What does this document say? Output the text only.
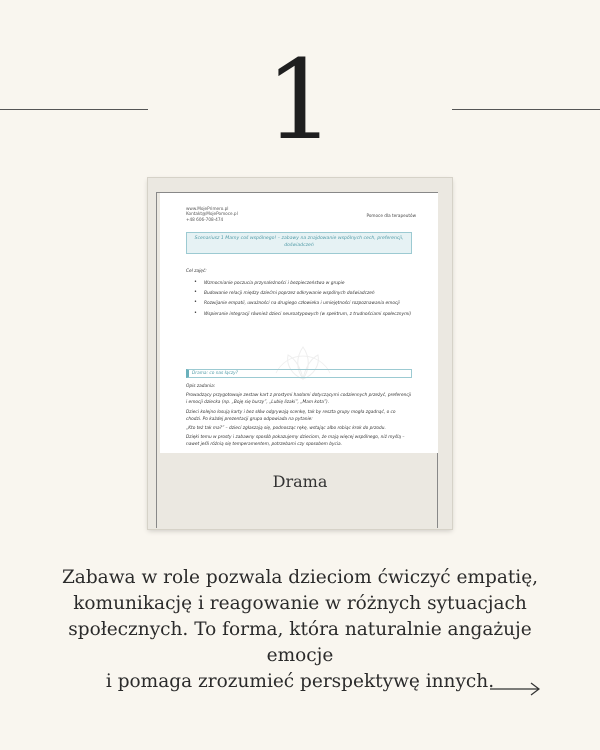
1
www.MojePrimero.pl
Kontakt@MojePomoce.pl
+48 606-708-474
Pomoce dla terapeutów
Scenariusz 1 Mamy coś wspólnego! – zabawy na znajdowanie wspólnych cech, preferencji, doświadczeń
Cel zajęć:
• Wzmocnianie poczucia przynależności i bezpieczeństwa w grupie
• Budowanie relacji między dziećmi poprzez odkrywanie wspólnych doświadczeń
• Rozwijanie empatii, uważności na drugiego człowieka i umiejętności rozpoznawania emocji
• Wspieranie integracji również dzieci neuroatypowych (w spektrum, z trudnościami społecznymi)
Drama: co nas łączy?

Opis zadania:

Prowadzący przygotowuje zestaw kart z prostymi hasłami dotyczącymi codziennych przeżyć, preferencji i emocji dziecka (np. „Boję się burzy”, „Lubię lizaki”, „Mam kota”).

Dzieci kolejno losują karty i bez słów odgrywają scenkę, tak by reszta grupy mogła zgadnąć, o co chodzi. Po każdej prezentacji grupa odpowiada na pytanie:

„Kto też tak ma?” – dzieci zgłaszają się, podnosząc rękę, wstając albo robiąc krok do przodu.

Dzięki temu w prosty i zabawny sposób pokazujemy dzieciom, że mają więcej wspólnego, niż myślą – nawet jeśli różnią się temperamentem, potrzebami czy sposobem bycia.

Drama
Zabawa w role pozwala dzieciom ćwiczyć empatię,
komunikację i reagowanie w różnych sytuacjach
społecznych. To forma, która naturalnie angażuje emocje
i pomaga zrozumieć perspektywę innych.
